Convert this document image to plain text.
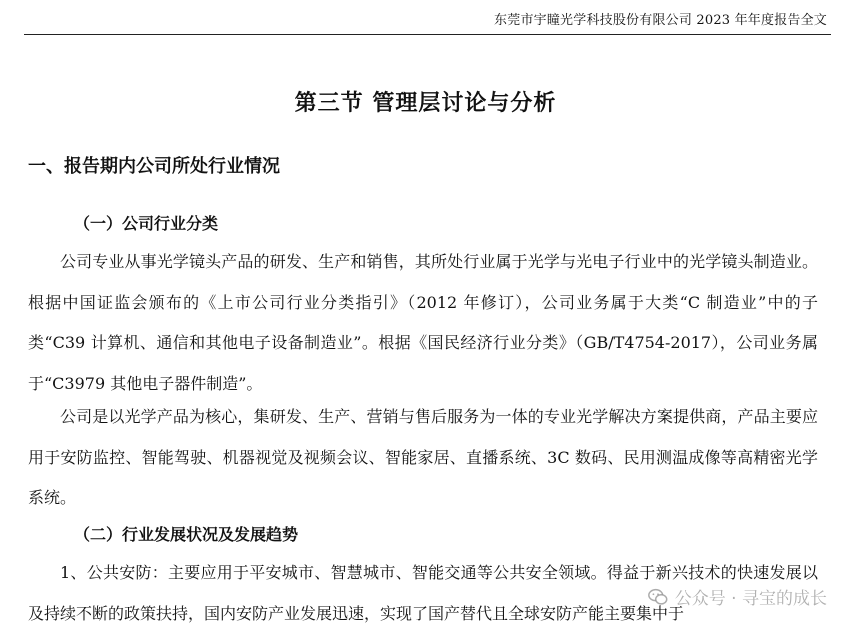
东莞市宇瞳光学科技股份有限公司 2023 年年度报告全文
第三节 管理层讨论与分析
一、报告期内公司所处行业情况
（一）公司行业分类

公司专业从事光学镜头产品的研发、生产和销售，其所处行业属于光学与光电子行业中的光学镜头制造业。根据中国证监会颁布的《上市公司行业分类指引》（2012 年修订），公司业务属于大类“C 制造业”中的子类“C39 计算机、通信和其他电子设备制造业”。根据《国民经济行业分类》（GB/T4754-2017），公司业务属于“C3979 其他电子器件制造”。

公司是以光学产品为核心，集研发、生产、营销与售后服务为一体的专业光学解决方案提供商，产品主要应用于安防监控、智能驾驶、机器视觉及视频会议、智能家居、直播系统、3C 数码、民用测温成像等高精密光学系统。

（二）行业发展状况及发展趋势

1、公共安防：主要应用于平安城市、智慧城市、智能交通等公共安全领域。得益于新兴技术的快速发展以及持续不断的政策扶持，国内安防产业发展迅速，实现了国产替代且全球安防产能主要集中于

公众号 · 寻宝的成长
